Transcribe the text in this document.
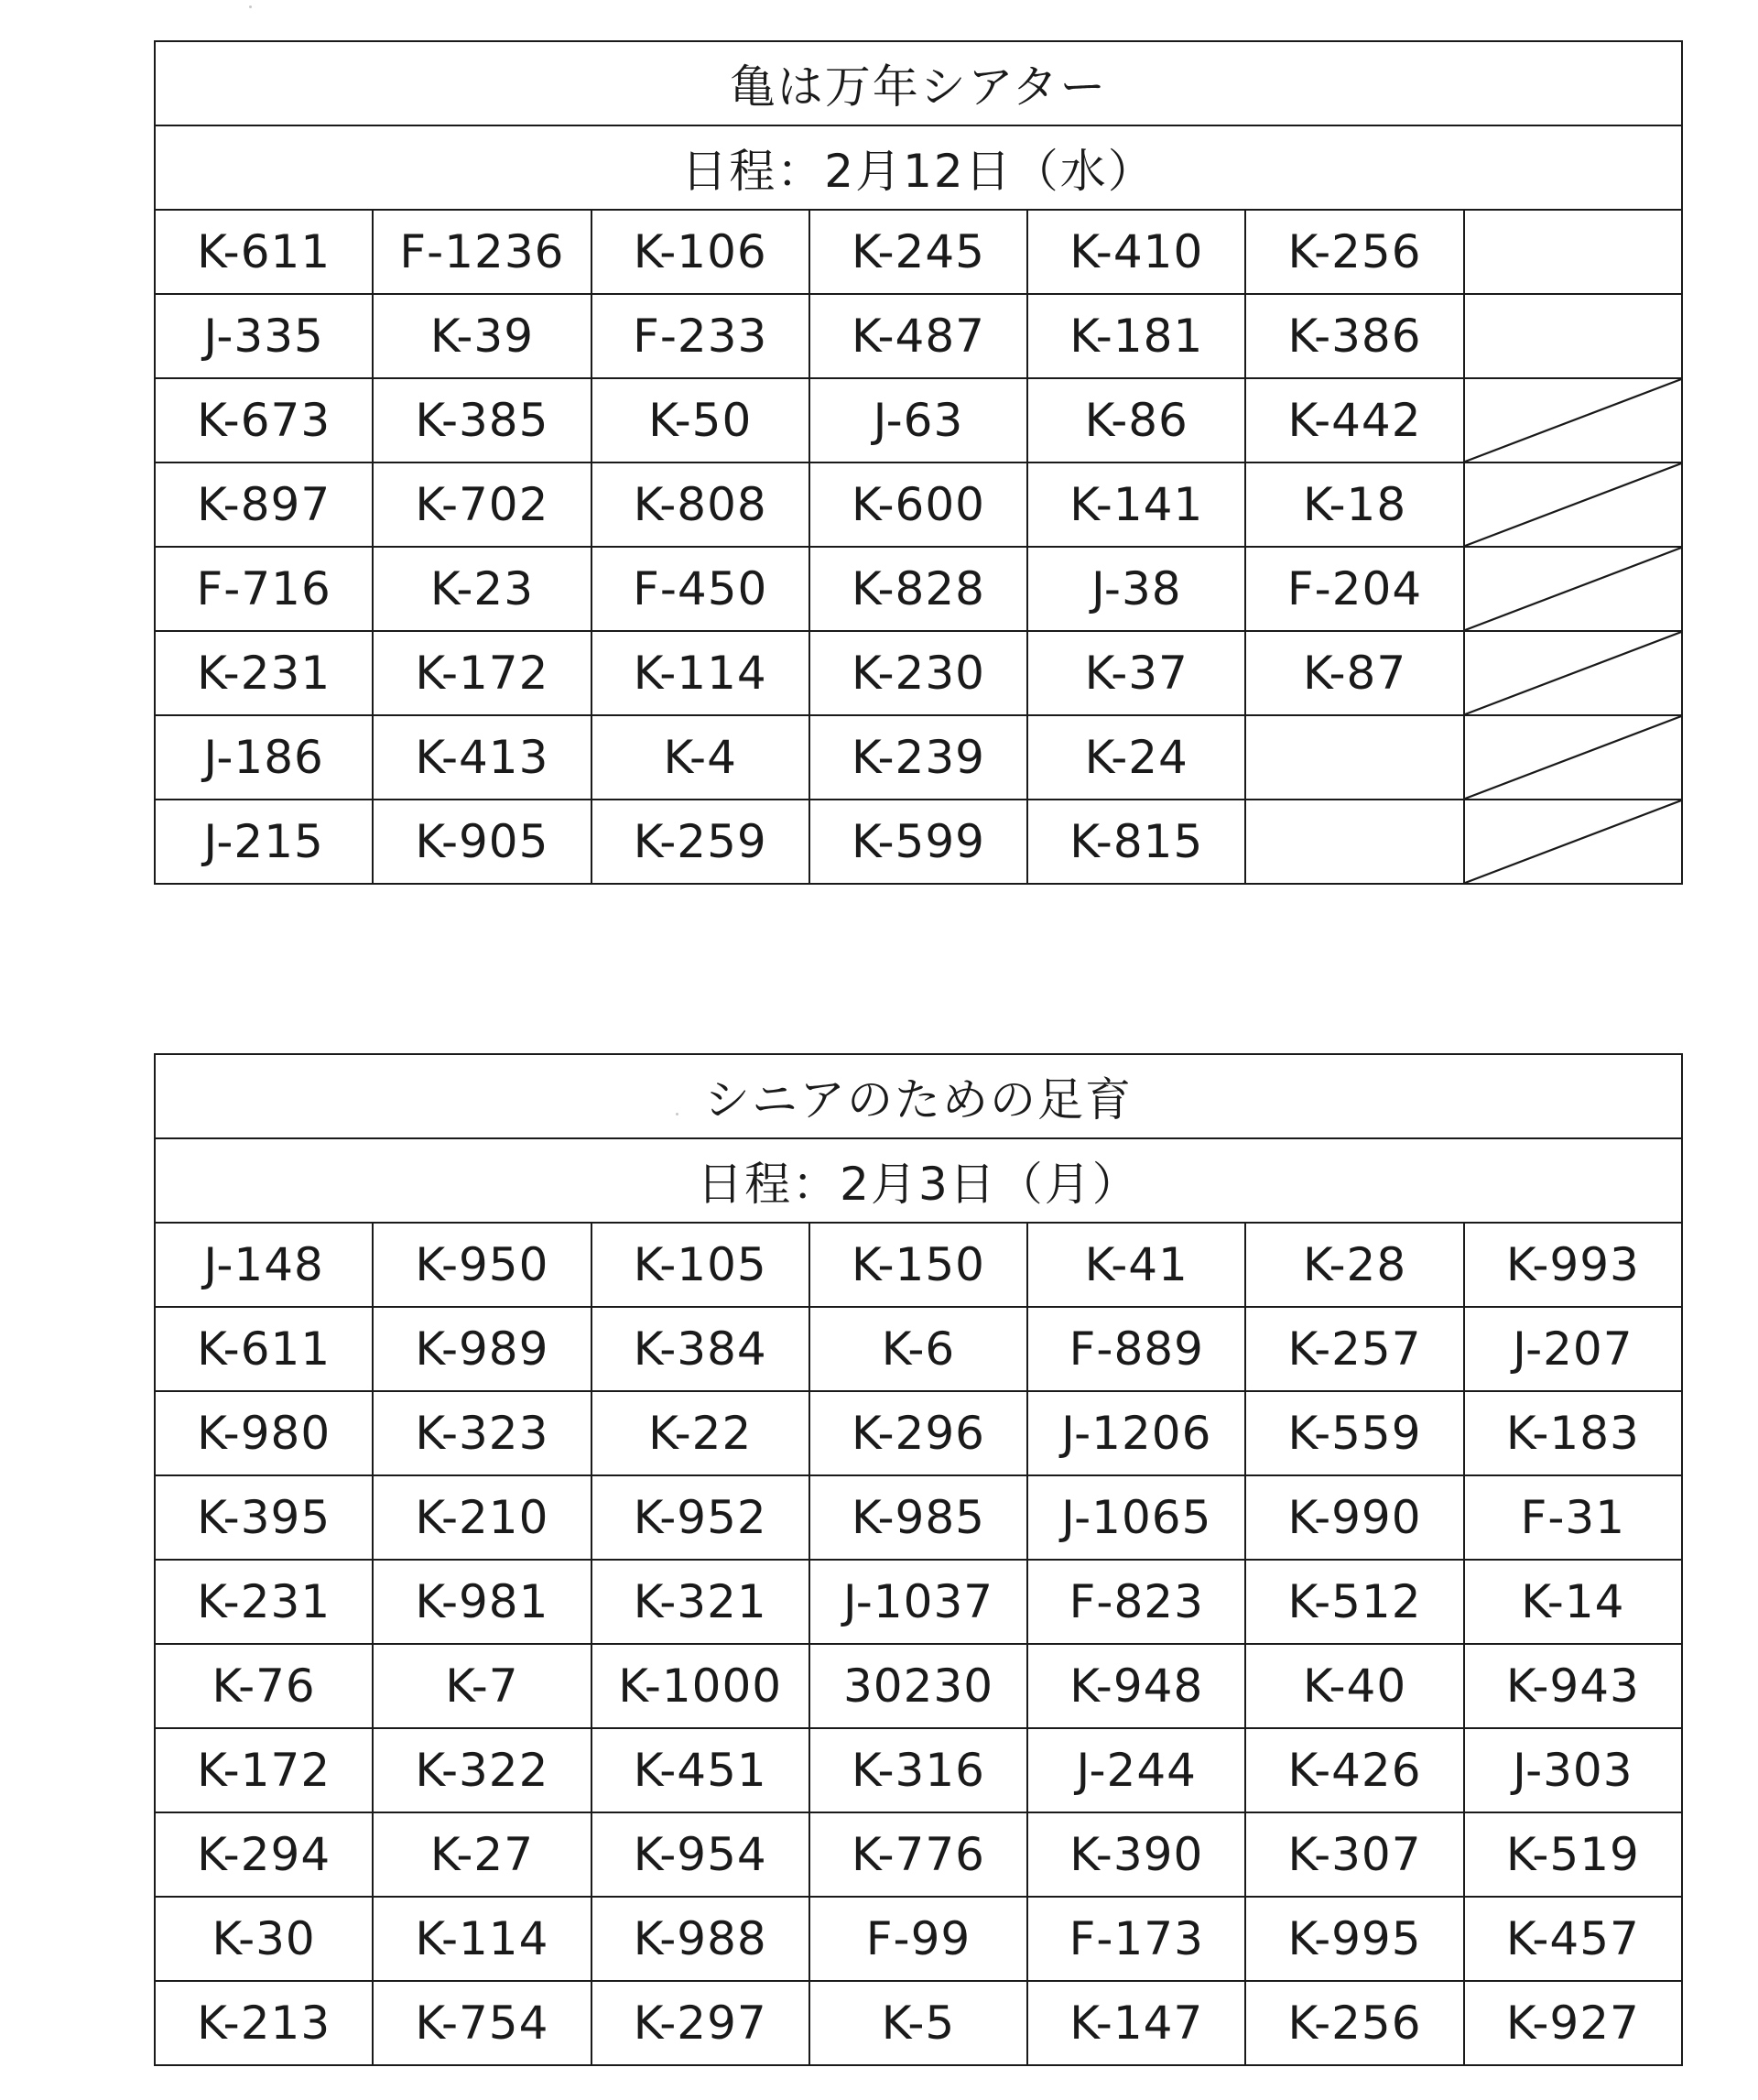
亀は万年シアター						
日程：2月12日（水）						
K-611	F-1236	K-106	K-245	K-410	K-256	
J-335	K-39	F-233	K-487	K-181	K-386	
K-673	K-385	K-50	J-63	K-86	K-442	

K-897	K-702	K-808	K-600	K-141	K-18	

F-716	K-23	F-450	K-828	J-38	F-204	

K-231	K-172	K-114	K-230	K-37	K-87	

J-186	K-413	K-4	K-239	K-24		

J-215	K-905	K-259	K-599	K-815		
シニアのための足育						
日程：2月3日（月）						
J-148	K-950	K-105	K-150	K-41	K-28	K-993
K-611	K-989	K-384	K-6	F-889	K-257	J-207
K-980	K-323	K-22	K-296	J-1206	K-559	K-183
K-395	K-210	K-952	K-985	J-1065	K-990	F-31
K-231	K-981	K-321	J-1037	F-823	K-512	K-14
K-76	K-7	K-1000	30230	K-948	K-40	K-943
K-172	K-322	K-451	K-316	J-244	K-426	J-303
K-294	K-27	K-954	K-776	K-390	K-307	K-519
K-30	K-114	K-988	F-99	F-173	K-995	K-457
K-213	K-754	K-297	K-5	K-147	K-256	K-927
